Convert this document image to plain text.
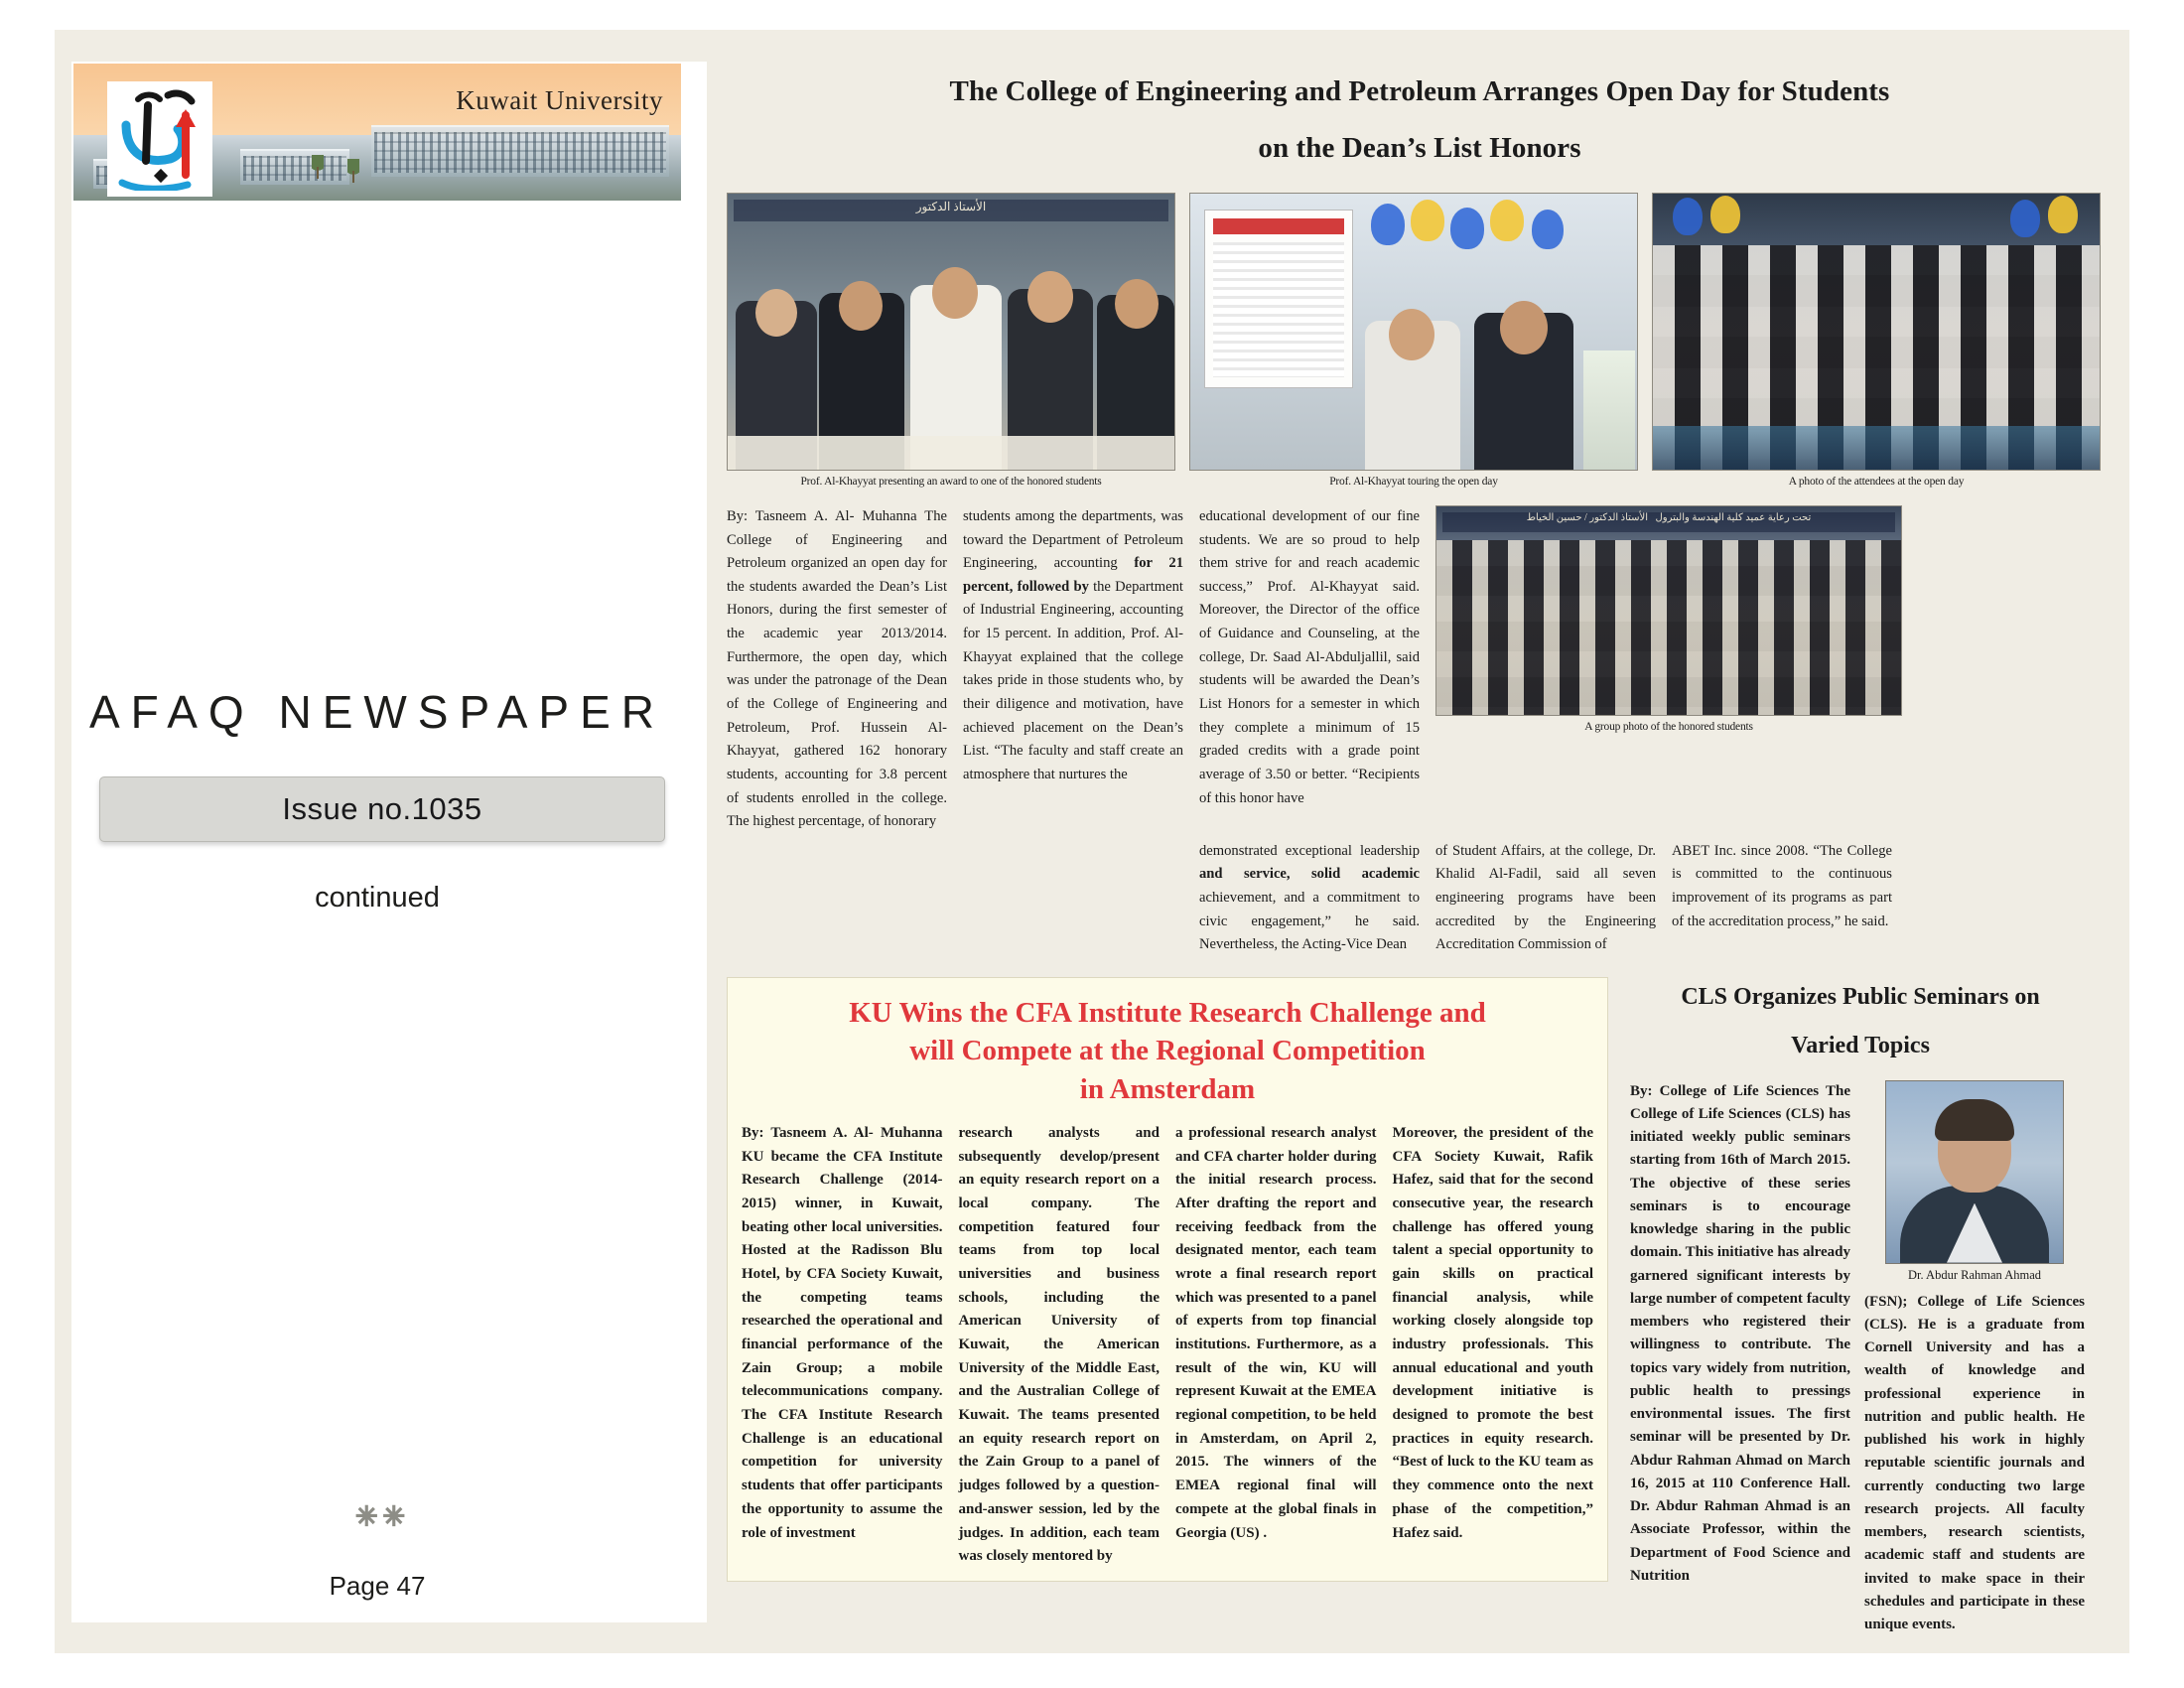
Kuwait University
AFAQ NEWSPAPER
Issue no.1035
continued
⁕⁕
Page 47
The College of Engineering and Petroleum Arranges Open Day for Students
on the Dean’s List Honors
الأستاذ الدكتور
Prof. Al-Khayyat presenting an award to one of the honored students	Prof. Al-Khayyat touring the open day	A photo of the attendees at the open day

By: Tasneem A. Al- Muhanna The College of Engineering and Petroleum organized an open day for the students awarded the Dean’s List Honors, during the first semester of the academic year 2013/2014. Furthermore, the open day, which was under the patronage of the Dean of the College of Engineering and Petroleum, Prof. Hussein Al-Khayyat, gathered 162 honorary students, accounting for 3.8 percent of students enrolled in the college. The highest percentage, of honorary

students among the departments, was toward the Department of Petroleum Engineering, accounting for 21 percent, followed by the Department of Industrial Engineering, accounting for 15 percent. In addition, Prof. Al-Khayyat explained that the college takes pride in those students who, by their diligence and motivation, have achieved placement on the Dean’s List. “The faculty and staff create an atmosphere that nurtures the

educational development of our fine students. We are so proud to help them strive for and reach academic success,” Prof. Al-Khayyat said. Moreover, the Director of the office of Guidance and Counseling, at the college, Dr. Saad Al-Abduljallil, said students will be awarded the Dean’s List Honors for a semester in which they complete a minimum of 15 graded credits with a grade point average of 3.50 or better. “Recipients of this honor have

تحت رعاية عميد كلية الهندسة والبترول   الأستاذ الدكتور / حسين الخياط
A group photo of the honored students

demonstrated exceptional leadership and service, solid academic achievement, and a commitment to civic engagement,” he said. Nevertheless, the Acting-Vice Dean

of Student Affairs, at the college, Dr. Khalid Al-Fadil, said all seven engineering programs have been accredited by the Engineering Accreditation Commission of

ABET Inc. since 2008. “The College is committed to the continuous improvement of its programs as part of the accreditation process,” he said.

KU Wins the CFA Institute Research Challenge and
will Compete at the Regional Competition
in Amsterdam
By: Tasneem A. Al- Muhanna KU became the CFA Institute Research Challenge (2014-2015) winner, in Kuwait, beating other local universities. Hosted at the Radisson Blu Hotel, by CFA Society Kuwait, the competing teams researched the operational and financial performance of the Zain Group; a mobile telecommunications company. The CFA Institute Research Challenge is an educational competition for university students that offer participants the opportunity to assume the role of investment
research analysts and subsequently develop/present an equity research report on a local company. The competition featured four teams from top local universities and business schools, including the American University of Kuwait, the American University of the Middle East, and the Australian College of Kuwait. The teams presented an equity research report on the Zain Group to a panel of judges followed by a question-and-answer session, led by the judges. In addition, each team was closely mentored by
a professional research analyst and CFA charter holder during the initial research process. After drafting the report and receiving feedback from the designated mentor, each team wrote a final research report which was presented to a panel of experts from top financial institutions. Furthermore, as a result of the win, KU will represent Kuwait at the EMEA regional competition, to be held in Amsterdam, on April 2, 2015. The winners of the EMEA regional final will compete at the global finals in Georgia (US) .
Moreover, the president of the CFA Society Kuwait, Rafik Hafez, said that for the second consecutive year, the research challenge has offered young talent a special opportunity to gain skills on practical financial analysis, while working closely alongside top industry professionals. This annual educational and youth development initiative is designed to promote the best practices in equity research. “Best of luck to the KU team as they commence onto the next phase of the competition,” Hafez said.
CLS Organizes Public Seminars on
Varied Topics
By: College of Life Sciences The College of Life Sciences (CLS) has initiated weekly public seminars starting from 16th of March 2015. The objective of these series seminars is to encourage knowledge sharing in the public domain. This initiative has already garnered significant interests by large number of competent faculty members who registered their willingness to contribute. The topics vary widely from nutrition, public health to pressings environmental issues. The first seminar will be presented by Dr. Abdur Rahman Ahmad on March 16, 2015 at 110 Conference Hall. Dr. Abdur Rahman Ahmad is an Associate Professor, within the Department of Food Science and Nutrition
Dr. Abdur Rahman Ahmad
(FSN); College of Life Sciences (CLS). He is a graduate from Cornell University and has a wealth of knowledge and professional experience in nutrition and public health. He published his work in highly reputable scientific journals and currently conducting two large research projects. All faculty members, research scientists, academic staff and students are invited to make space in their schedules and participate in these unique events.
